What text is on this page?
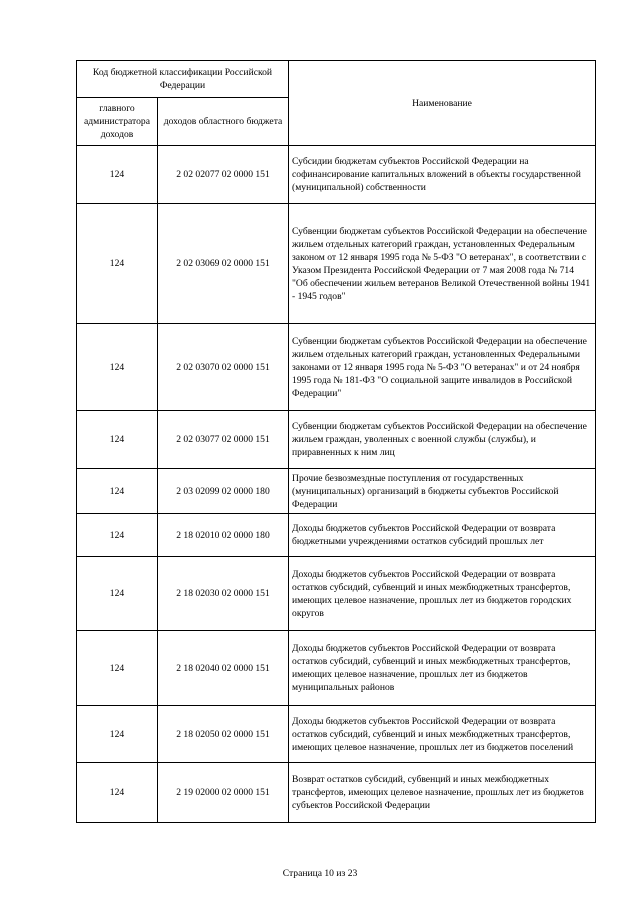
Код бюджетной классификации Российской Федерации		Наименование
главного администратора доходов	доходов областного бюджета	
124	2 02 02077 02 0000 151	Субсидии бюджетам субъектов Российской Федерации на софинансирование капитальных вложений в объекты государственной (муниципальной) собственности
124	2 02 03069 02 0000 151	Субвенции бюджетам субъектов Российской Федерации на обеспечение жильем отдельных категорий граждан, установленных Федеральным законом от 12 января 1995 года № 5-ФЗ "О ветеранах", в соответствии с Указом Президента Российской Федерации от 7 мая 2008 года № 714 "Об обеспечении жильем ветеранов Великой Отечественной войны 1941 - 1945 годов"
124	2 02 03070 02 0000 151	Субвенции бюджетам субъектов Российской Федерации на обеспечение жильем отдельных категорий граждан, установленных Федеральными законами от 12 января 1995 года № 5-ФЗ "О ветеранах" и от 24 ноября 1995 года № 181-ФЗ "О социальной защите инвалидов в Российской Федерации"
124	2 02 03077 02 0000 151	Субвенции бюджетам субъектов Российской Федерации на обеспечение жильем граждан, уволенных с военной службы (службы), и приравненных к ним лиц
124	2 03 02099 02 0000 180	Прочие безвозмездные поступления от государственных (муниципальных) организаций в бюджеты субъектов Российской Федерации
124	2 18 02010 02 0000 180	Доходы бюджетов субъектов Российской Федерации от возврата бюджетными учреждениями остатков субсидий прошлых лет
124	2 18 02030 02 0000 151	Доходы бюджетов субъектов Российской Федерации от возврата остатков субсидий, субвенций и иных межбюджетных трансфертов, имеющих целевое назначение, прошлых лет из бюджетов городских округов
124	2 18 02040 02 0000 151	Доходы бюджетов субъектов Российской Федерации от возврата остатков субсидий, субвенций и иных межбюджетных трансфертов, имеющих целевое назначение, прошлых лет из бюджетов муниципальных районов
124	2 18 02050 02 0000 151	Доходы бюджетов субъектов Российской Федерации от возврата остатков субсидий, субвенций и иных межбюджетных трансфертов, имеющих целевое назначение, прошлых лет из бюджетов поселений
124	2 19 02000 02 0000 151	Возврат остатков субсидий, субвенций и иных межбюджетных трансфертов, имеющих целевое назначение, прошлых лет из бюджетов субъектов Российской Федерации
Страница 10 из 23
